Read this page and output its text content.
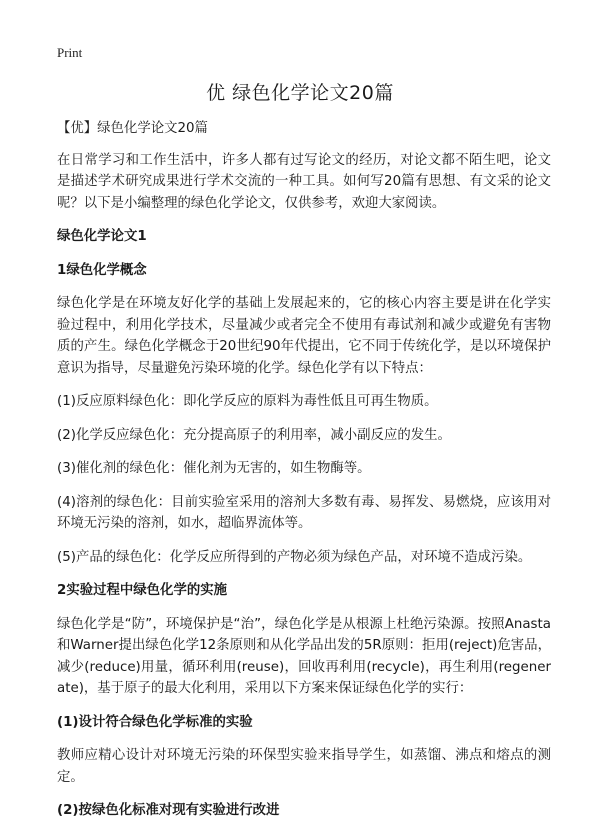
Print
优 绿色化学论文20篇

【优】绿色化学论文20篇

在日常学习和工作生活中，许多人都有过写论文的经历，对论文都不陌生吧，论文是描述学术研究成果进行学术交流的一种工具。如何写20篇有思想、有文采的论文呢？以下是小编整理的绿色化学论文，仅供参考，欢迎大家阅读。

绿色化学论文1

1绿色化学概念

绿色化学是在环境友好化学的基础上发展起来的，它的核心内容主要是讲在化学实验过程中，利用化学技术，尽量减少或者完全不使用有毒试剂和减少或避免有害物质的产生。绿色化学概念于20世纪90年代提出，它不同于传统化学，是以环境保护意识为指导，尽量避免污染环境的化学。绿色化学有以下特点：

(1)反应原料绿色化：即化学反应的原料为毒性低且可再生物质。

(2)化学反应绿色化：充分提高原子的利用率，减小副反应的发生。

(3)催化剂的绿色化：催化剂为无害的，如生物酶等。

(4)溶剂的绿色化：目前实验室采用的溶剂大多数有毒、易挥发、易燃烧，应该用对环境无污染的溶剂，如水，超临界流体等。

(5)产品的绿色化：化学反应所得到的产物必须为绿色产品，对环境不造成污染。

2实验过程中绿色化学的实施

绿色化学是“防”，环境保护是“治”，绿色化学是从根源上杜绝污染源。按照Anasta和Warner提出绿色化学12条原则和从化学品出发的5R原则：拒用(reject)危害品，减少(reduce)用量，循环利用(reuse)，回收再利用(recycle)，再生利用(regenerate)，基于原子的最大化利用，采用以下方案来保证绿色化学的实行：

(1)设计符合绿色化学标准的实验

教师应精心设计对环境无污染的环保型实验来指导学生，如蒸馏、沸点和熔点的测定。

(2)按绿色化标准对现有实验进行改进
